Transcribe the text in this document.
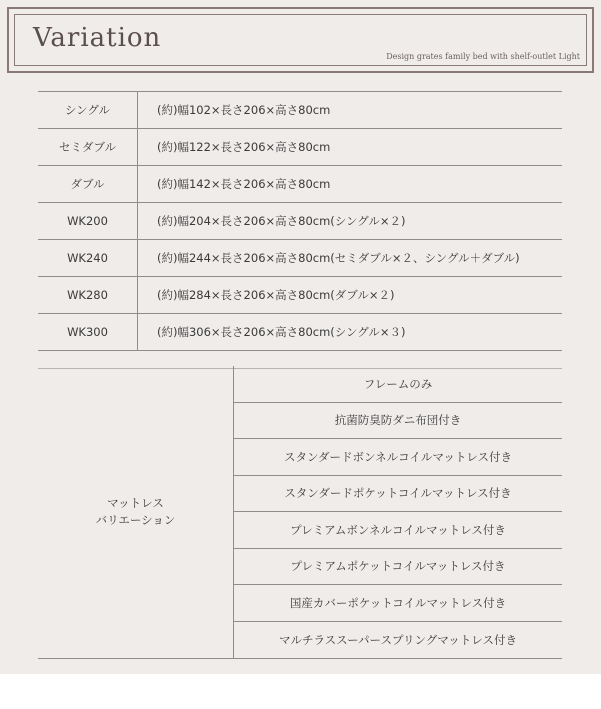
Variation
Design grates family bed with shelf-outlet Light
シングル	(約)幅102×長さ206×高さ80cm
セミダブル	(約)幅122×長さ206×高さ80cm
ダブル	(約)幅142×長さ206×高さ80cm
WK200	(約)幅204×長さ206×高さ80cm(シングル×２)
WK240	(約)幅244×長さ206×高さ80cm(セミダブル×２、シングル＋ダブル)
WK280	(約)幅284×長さ206×高さ80cm(ダブル×２)
WK300	(約)幅306×長さ206×高さ80cm(シングル×３)
マットレス
バリエーション
フレームのみ
抗菌防臭防ダニ布団付き
スタンダードボンネルコイルマットレス付き
スタンダードポケットコイルマットレス付き
プレミアムボンネルコイルマットレス付き
プレミアムポケットコイルマットレス付き
国産カバーポケットコイルマットレス付き
マルチラススーパースプリングマットレス付き
